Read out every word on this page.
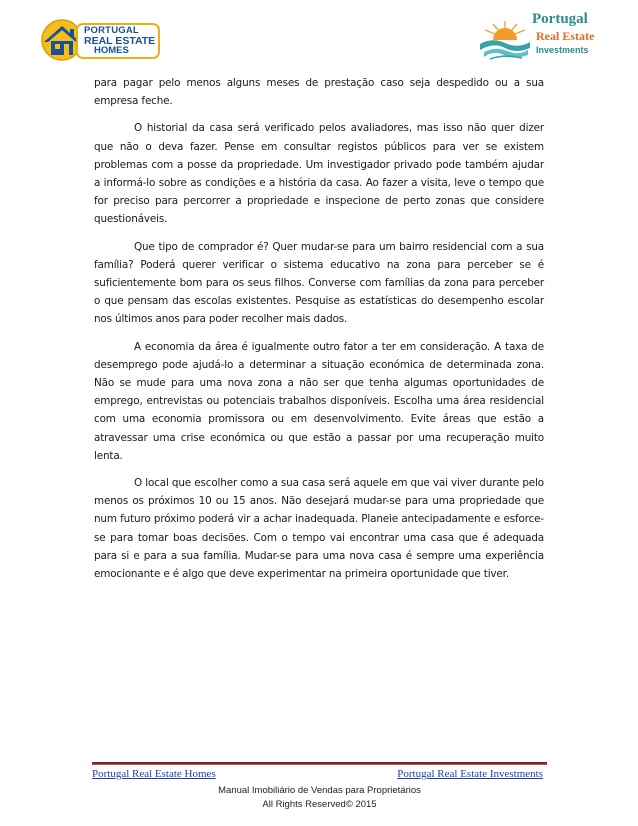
PORTUGAL
REAL ESTATE
HOMES
Portugal
Real Estate
Investments

para pagar pelo menos alguns meses de prestação caso seja despedido ou a sua empresa feche.

O historial da casa será verificado pelos avaliadores, mas isso não quer dizer que não o deva fazer. Pense em consultar registos públicos para ver se existem problemas com a posse da propriedade. Um investigador privado pode também ajudar a informá-lo sobre as condições e a história da casa. Ao fazer a visita, leve o tempo que for preciso para percorrer a propriedade e inspecione de perto zonas que considere questionáveis.

Que tipo de comprador é? Quer mudar-se para um bairro residencial com a sua família? Poderá querer verificar o sistema educativo na zona para perceber se é suficientemente bom para os seus filhos. Converse com famílias da zona para perceber o que pensam das escolas existentes. Pesquise as estatísticas do desempenho escolar nos últimos anos para poder recolher mais dados.

A economia da área é igualmente outro fator a ter em consideração. A taxa de desemprego pode ajudá-lo a determinar a situação económica de determinada zona. Não se mude para uma nova zona a não ser que tenha algumas oportunidades de emprego, entrevistas ou potenciais trabalhos disponíveis. Escolha uma área residencial com uma economia promissora ou em desenvolvimento. Evite áreas que estão a atravessar uma crise económica ou que estão a passar por uma recuperação muito lenta.

O local que escolher como a sua casa será aquele em que vai viver durante pelo menos os próximos 10 ou 15 anos. Não desejará mudar-se para uma propriedade que num futuro próximo poderá vir a achar inadequada. Planeie antecipadamente e esforce-se para tomar boas decisões. Com o tempo vai encontrar uma casa que é adequada para si e para a sua família. Mudar-se para uma nova casa é sempre uma experiência emocionante e é algo que deve experimentar na primeira oportunidade que tiver.

Portugal Real Estate Homes	Portugal Real Estate Investments
Manual Imobiliário de Vendas para Proprietários
All Rights Reserved© 2015
